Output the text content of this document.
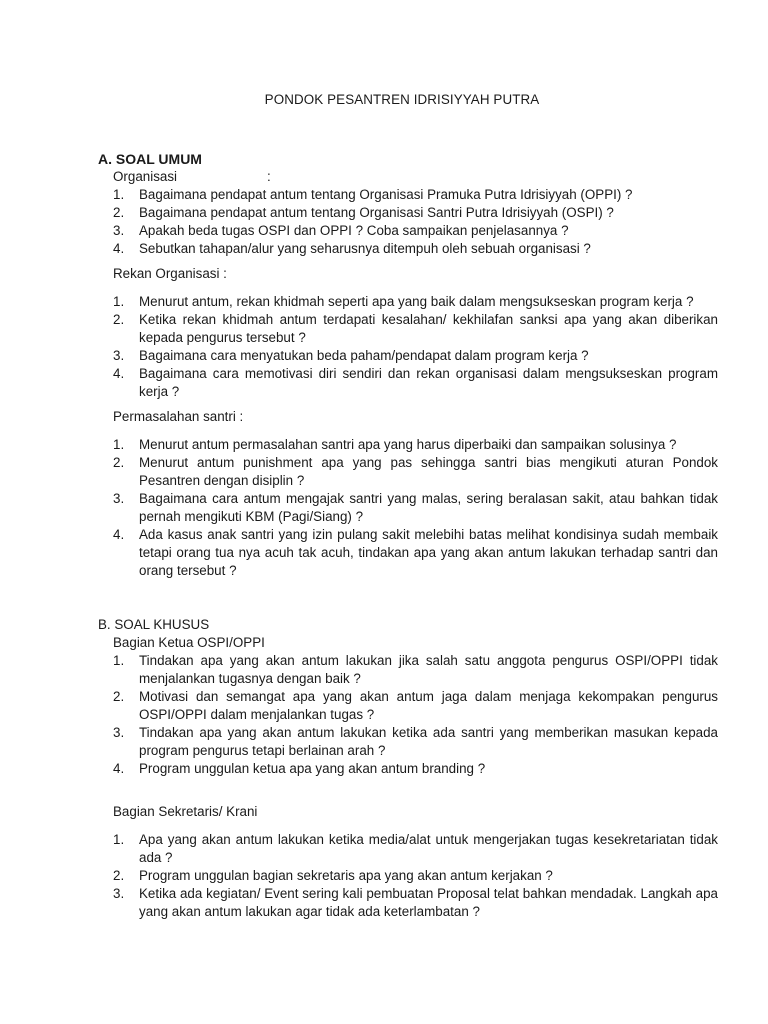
PONDOK PESANTREN IDRISIYYAH PUTRA
A. SOAL UMUM
Organisasi	:
1. Bagaimana pendapat antum tentang Organisasi Pramuka Putra Idrisiyyah (OPPI) ?
2. Bagaimana pendapat antum tentang Organisasi Santri Putra Idrisiyyah (OSPI) ?
3. Apakah beda tugas OSPI dan OPPI ? Coba sampaikan penjelasannya ?
4. Sebutkan tahapan/alur yang seharusnya ditempuh oleh sebuah organisasi ?
Rekan Organisasi :
1. Menurut antum, rekan khidmah seperti apa yang baik dalam mengsukseskan program kerja ?
2. Ketika rekan khidmah antum terdapati kesalahan/ kekhilafan sanksi apa yang akan diberikan kepada pengurus tersebut ?
3. Bagaimana cara menyatukan beda paham/pendapat dalam program kerja ?
4. Bagaimana cara memotivasi diri sendiri dan rekan organisasi dalam mengsukseskan program kerja ?
Permasalahan santri :
1. Menurut antum permasalahan santri apa yang harus diperbaiki dan sampaikan solusinya ?
2. Menurut antum punishment apa yang pas sehingga santri bias mengikuti aturan Pondok Pesantren dengan disiplin ?
3. Bagaimana cara antum mengajak santri yang malas, sering beralasan sakit, atau bahkan tidak pernah mengikuti KBM (Pagi/Siang) ?
4. Ada kasus anak santri yang izin pulang sakit melebihi batas melihat kondisinya sudah membaik tetapi orang tua nya acuh tak acuh, tindakan apa yang akan antum lakukan terhadap santri dan orang tersebut ?
B. SOAL KHUSUS
Bagian Ketua OSPI/OPPI
1. Tindakan apa yang akan antum lakukan jika salah satu anggota pengurus OSPI/OPPI tidak menjalankan tugasnya dengan baik ?
2. Motivasi dan semangat apa yang akan antum jaga dalam menjaga kekompakan pengurus OSPI/OPPI dalam menjalankan tugas ?
3. Tindakan apa yang akan antum lakukan ketika ada santri yang memberikan masukan kepada program pengurus tetapi berlainan arah ?
4. Program unggulan ketua apa yang akan antum branding ?
Bagian Sekretaris/ Krani
1. Apa yang akan antum lakukan ketika media/alat untuk mengerjakan tugas kesekretariatan tidak ada ?
2. Program unggulan bagian sekretaris apa yang akan antum kerjakan ?
3. Ketika ada kegiatan/ Event sering kali pembuatan Proposal telat bahkan mendadak. Langkah apa yang akan antum lakukan agar tidak ada keterlambatan ?
